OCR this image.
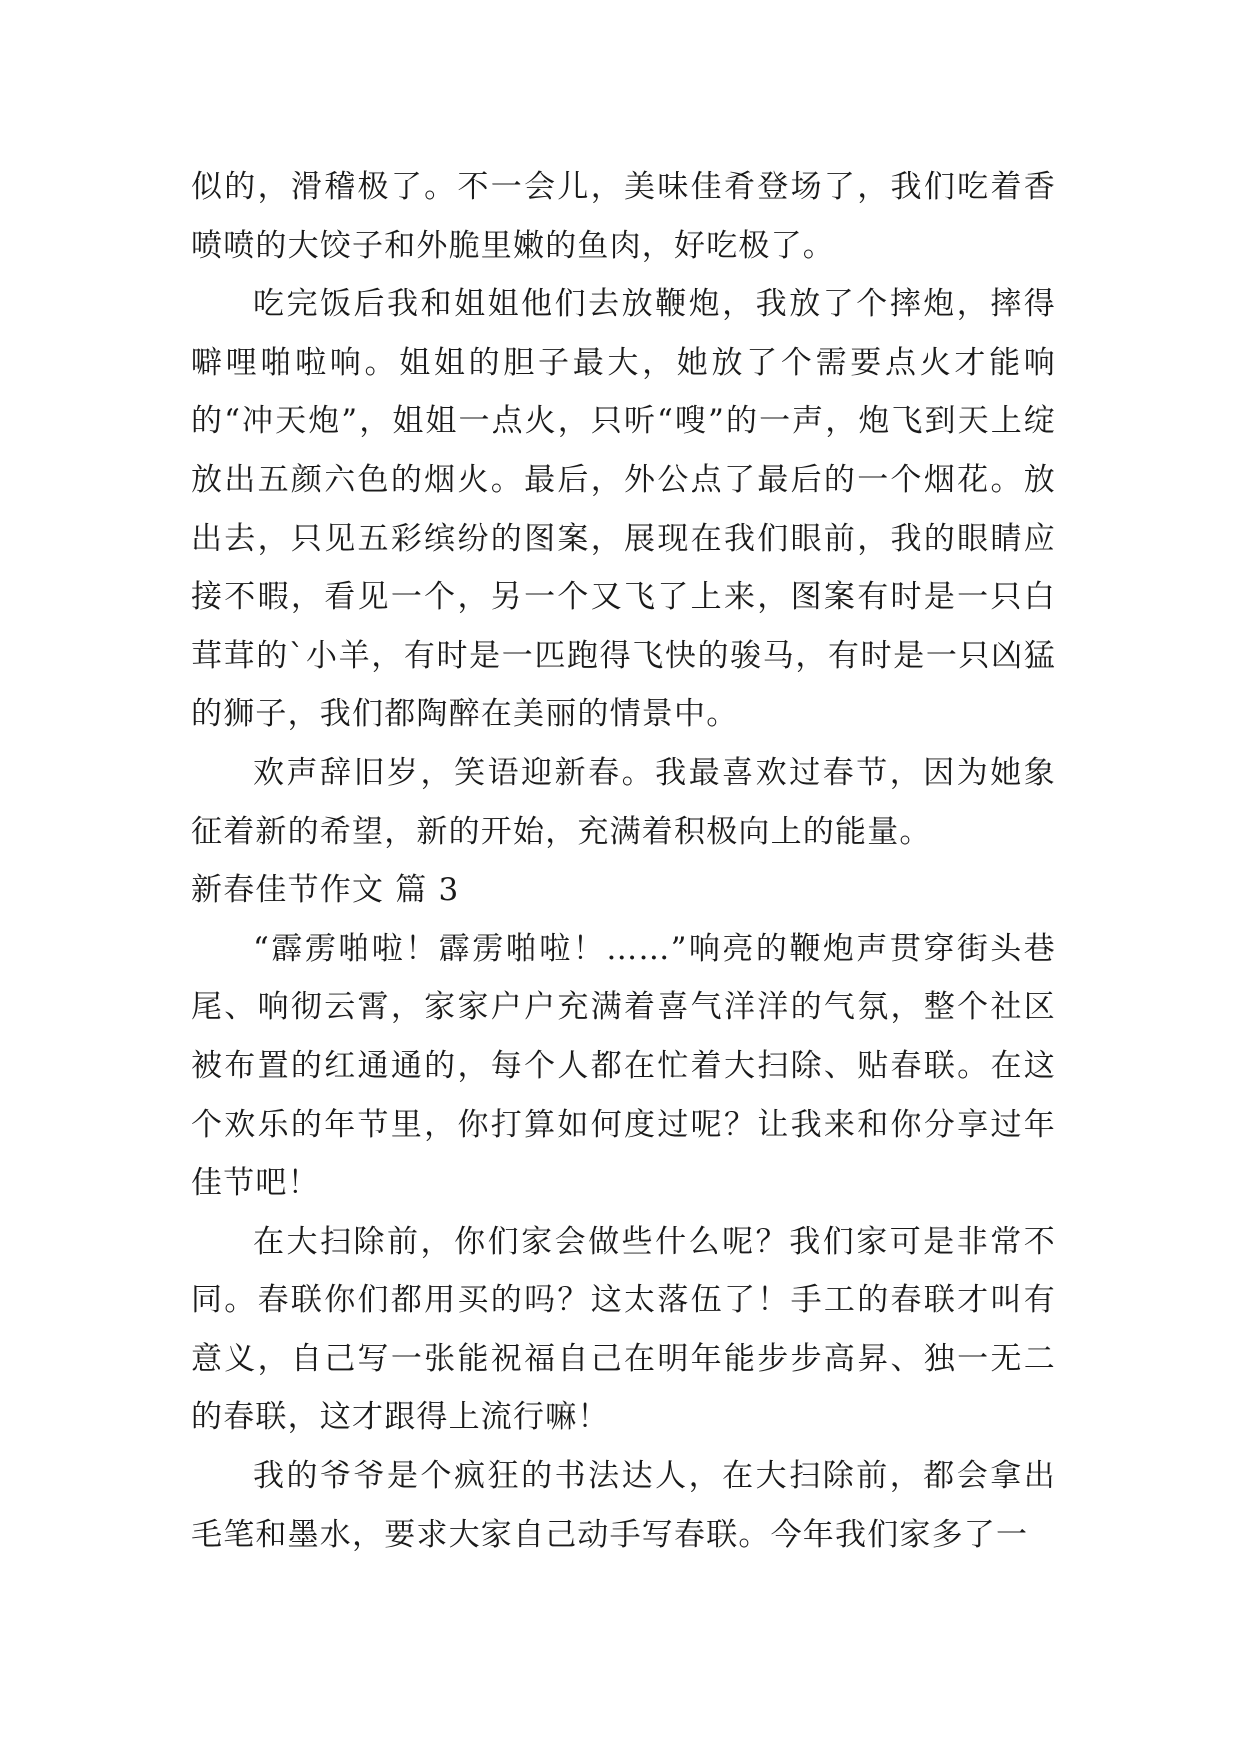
似的，滑稽极了。不一会儿，美味佳肴登场了，我们吃着香喷喷的大饺子和外脆里嫩的鱼肉，好吃极了。

吃完饭后我和姐姐他们去放鞭炮，我放了个摔炮，摔得噼哩啪啦响。姐姐的胆子最大，她放了个需要点火才能响的“冲天炮”，姐姐一点火，只听“嗖”的一声，炮飞到天上绽放出五颜六色的烟火。最后，外公点了最后的一个烟花。放出去，只见五彩缤纷的图案，展现在我们眼前，我的眼睛应接不暇，看见一个，另一个又飞了上来，图案有时是一只白茸茸的`小羊，有时是一匹跑得飞快的骏马，有时是一只凶猛的狮子，我们都陶醉在美丽的情景中。

欢声辞旧岁，笑语迎新春。我最喜欢过春节，因为她象征着新的希望，新的开始，充满着积极向上的能量。

新春佳节作文 篇 3

“霹雳啪啦！霹雳啪啦！……”响亮的鞭炮声贯穿街头巷尾、响彻云霄，家家户户充满着喜气洋洋的气氛，整个社区被布置的红通通的，每个人都在忙着大扫除、贴春联。在这个欢乐的年节里，你打算如何度过呢？让我来和你分享过年佳节吧！

在大扫除前，你们家会做些什么呢？我们家可是非常不同。春联你们都用买的吗？这太落伍了！手工的春联才叫有意义，自己写一张能祝福自己在明年能步步高昇、独一无二的春联，这才跟得上流行嘛！

我的爷爷是个疯狂的书法达人，在大扫除前，都会拿出毛笔和墨水，要求大家自己动手写春联。今年我们家多了一
